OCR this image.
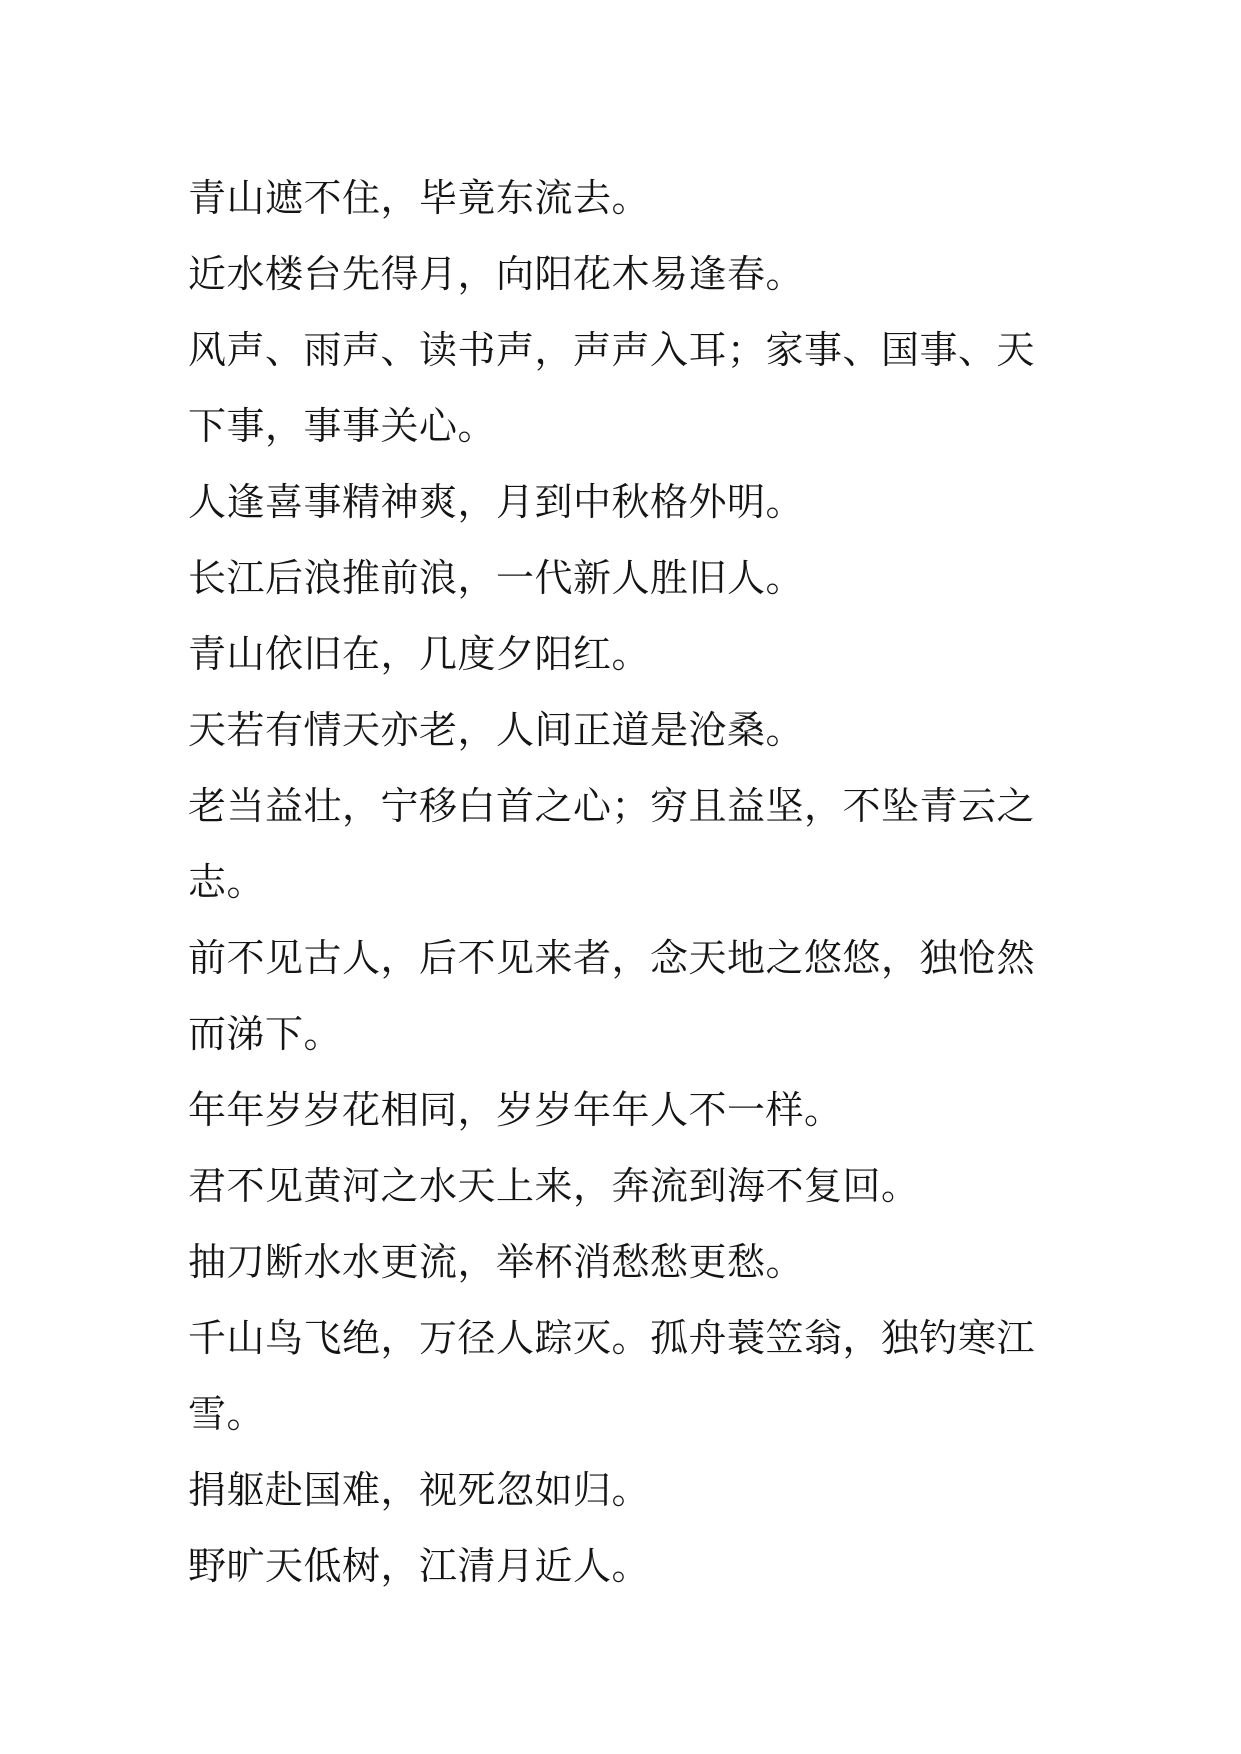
青山遮不住，毕竟东流去。

近水楼台先得月，向阳花木易逢春。

风声、雨声、读书声，声声入耳；家事、国事、天下事，事事关心。

人逢喜事精神爽，月到中秋格外明。

长江后浪推前浪，一代新人胜旧人。

青山依旧在，几度夕阳红。

天若有情天亦老，人间正道是沧桑。

老当益壮，宁移白首之心；穷且益坚，不坠青云之志。

前不见古人，后不见来者，念天地之悠悠，独怆然而涕下。

年年岁岁花相同，岁岁年年人不一样。

君不见黄河之水天上来，奔流到海不复回。

抽刀断水水更流，举杯消愁愁更愁。

千山鸟飞绝，万径人踪灭。孤舟蓑笠翁，独钓寒江雪。

捐躯赴国难，视死忽如归。

野旷天低树，江清月近人。
